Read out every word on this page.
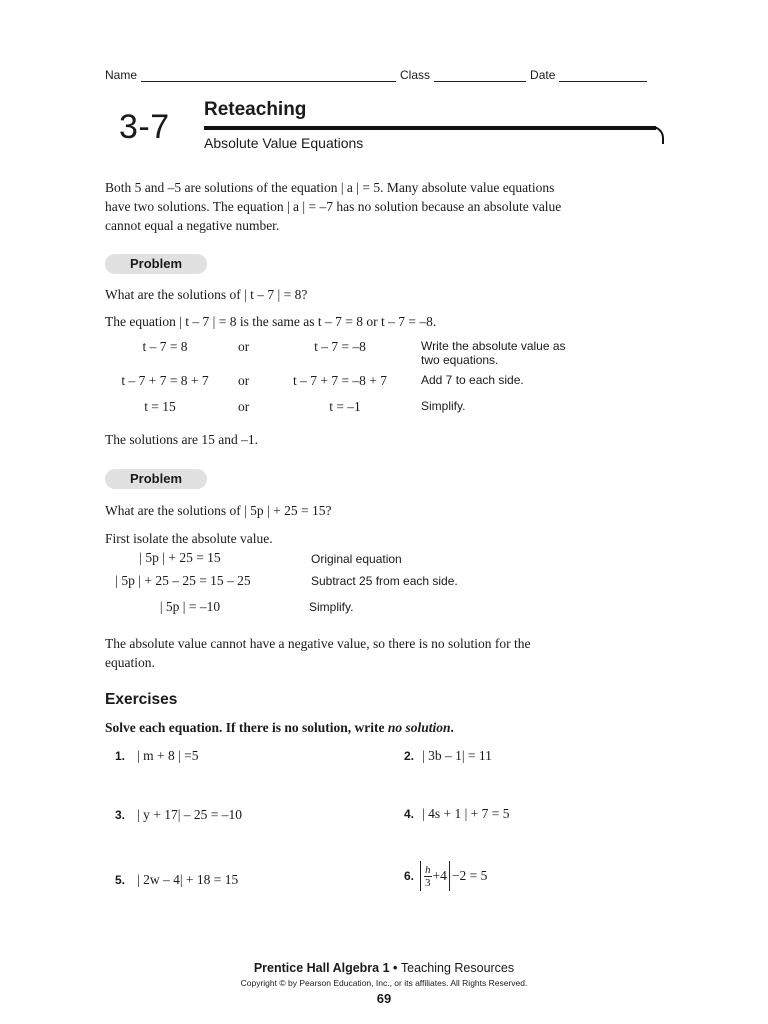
Name	Class	Date
3-7 Reteaching
Absolute Value Equations
Both 5 and –5 are solutions of the equation | a | = 5. Many absolute value equations have two solutions. The equation | a | = –7 has no solution because an absolute value cannot equal a negative number.
Problem
What are the solutions of | t – 7 | = 8?
The equation | t – 7 | = 8 is the same as t – 7 = 8 or t – 7 = –8.
t – 7 = 8	or	t – 7 = –8	Write the absolute value as two equations.
t – 7 + 7 = 8 + 7	or	t – 7 + 7 = –8 + 7	Add 7 to each side.
t = 15	or	t = –1	Simplify.
The solutions are 15 and –1.
Problem
What are the solutions of | 5p | + 25 = 15?
First isolate the absolute value.
| 5p | + 25 = 15	Original equation
| 5p | + 25 – 25 = 15 – 25	Subtract 25 from each side.
| 5p | = –10	Simplify.
The absolute value cannot have a negative value, so there is no solution for the equation.
Exercises
Solve each equation. If there is no solution, write no solution.
1. | m + 8 | =5	2. | 3b – 1| = 11
3. | y + 17| – 25 = –10	4. | 4s + 1 | + 7 = 5
5. | 2w – 4| + 18 = 15	6. $\frac{h}{3} +4 -2 = 5$
Prentice Hall Algebra 1 • Teaching Resources
Copyright © by Pearson Education, Inc., or its affiliates. All Rights Reserved.
69
